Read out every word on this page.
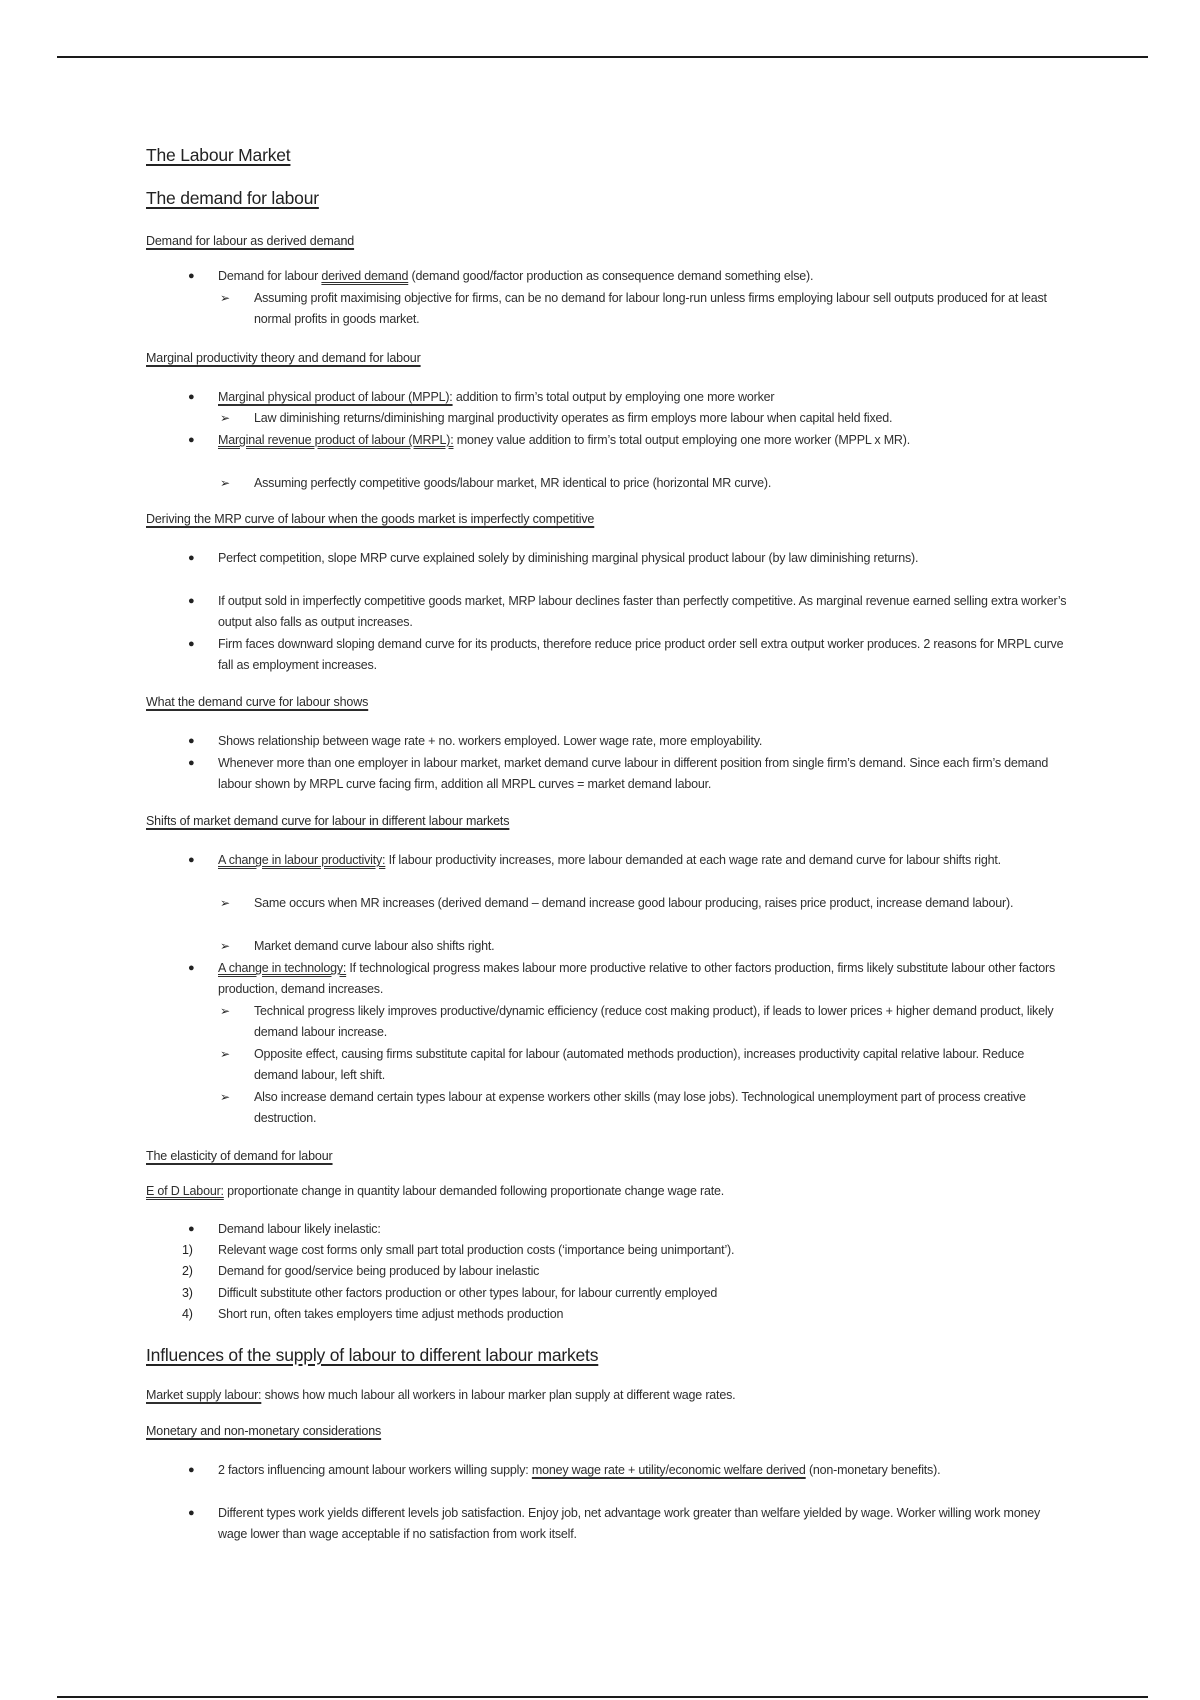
The Labour Market
The demand for labour
Demand for labour as derived demand
● Demand for labour derived demand (demand good/factor production as consequence demand something else).
➢ Assuming profit maximising objective for firms, can be no demand for labour long-run unless firms employing labour sell outputs produced for at least normal profits in goods market.
Marginal productivity theory and demand for labour
● Marginal physical product of labour (MPPL): addition to firm’s total output by employing one more worker
➢ Law diminishing returns/diminishing marginal productivity operates as firm employs more labour when capital held fixed.
● Marginal revenue product of labour (MRPL): money value addition to firm’s total output employing one more worker (MPPL x MR).
➢ Assuming perfectly competitive goods/labour market, MR identical to price (horizontal MR curve).
Deriving the MRP curve of labour when the goods market is imperfectly competitive
● Perfect competition, slope MRP curve explained solely by diminishing marginal physical product labour (by law diminishing returns).
● If output sold in imperfectly competitive goods market, MRP labour declines faster than perfectly competitive. As marginal revenue earned selling extra worker’s output also falls as output increases.
● Firm faces downward sloping demand curve for its products, therefore reduce price product order sell extra output worker produces. 2 reasons for MRPL curve fall as employment increases.
What the demand curve for labour shows
● Shows relationship between wage rate + no. workers employed. Lower wage rate, more employability.
● Whenever more than one employer in labour market, market demand curve labour in different position from single firm’s demand. Since each firm’s demand labour shown by MRPL curve facing firm, addition all MRPL curves = market demand labour.
Shifts of market demand curve for labour in different labour markets
● A change in labour productivity: If labour productivity increases, more labour demanded at each wage rate and demand curve for labour shifts right.
➢ Same occurs when MR increases (derived demand – demand increase good labour producing, raises price product, increase demand labour).
➢ Market demand curve labour also shifts right.
● A change in technology: If technological progress makes labour more productive relative to other factors production, firms likely substitute labour other factors production, demand increases.
➢ Technical progress likely improves productive/dynamic efficiency (reduce cost making product), if leads to lower prices + higher demand product, likely demand labour increase.
➢ Opposite effect, causing firms substitute capital for labour (automated methods production), increases productivity capital relative labour. Reduce demand labour, left shift.
➢ Also increase demand certain types labour at expense workers other skills (may lose jobs). Technological unemployment part of process creative destruction.
The elasticity of demand for labour
E of D Labour: proportionate change in quantity labour demanded following proportionate change wage rate.
● Demand labour likely inelastic:
1) Relevant wage cost forms only small part total production costs (‘importance being unimportant’).
2) Demand for good/service being produced by labour inelastic
3) Difficult substitute other factors production or other types labour, for labour currently employed
4) Short run, often takes employers time adjust methods production
Influences of the supply of labour to different labour markets
Market supply labour: shows how much labour all workers in labour marker plan supply at different wage rates.
Monetary and non-monetary considerations
● 2 factors influencing amount labour workers willing supply: money wage rate + utility/economic welfare derived (non-monetary benefits).
● Different types work yields different levels job satisfaction. Enjoy job, net advantage work greater than welfare yielded by wage. Worker willing work money wage lower than wage acceptable if no satisfaction from work itself.
